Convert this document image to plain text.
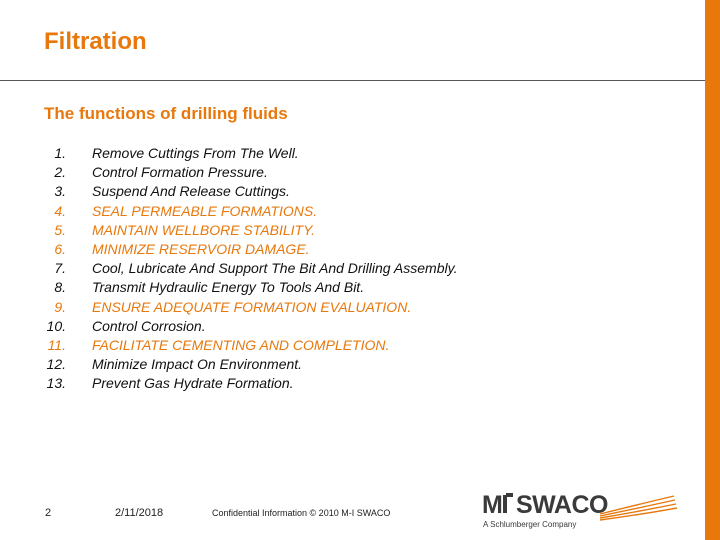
Filtration
The functions of drilling fluids
1. Remove Cuttings From The Well.
2. Control Formation Pressure.
3. Suspend And Release Cuttings.
4. SEAL PERMEABLE FORMATIONS.
5. MAINTAIN WELLBORE STABILITY.
6. MINIMIZE RESERVOIR DAMAGE.
7. Cool, Lubricate And Support The Bit And Drilling Assembly.
8. Transmit Hydraulic Energy To Tools And Bit.
9. ENSURE ADEQUATE FORMATION EVALUATION.
10. Control Corrosion.
11. FACILITATE CEMENTING AND COMPLETION.
12. Minimize Impact On Environment.
13. Prevent Gas Hydrate Formation.
2	2/11/2018	Confidential Information © 2010 M-I SWACO	M SWACO
A Schlumberger Company
